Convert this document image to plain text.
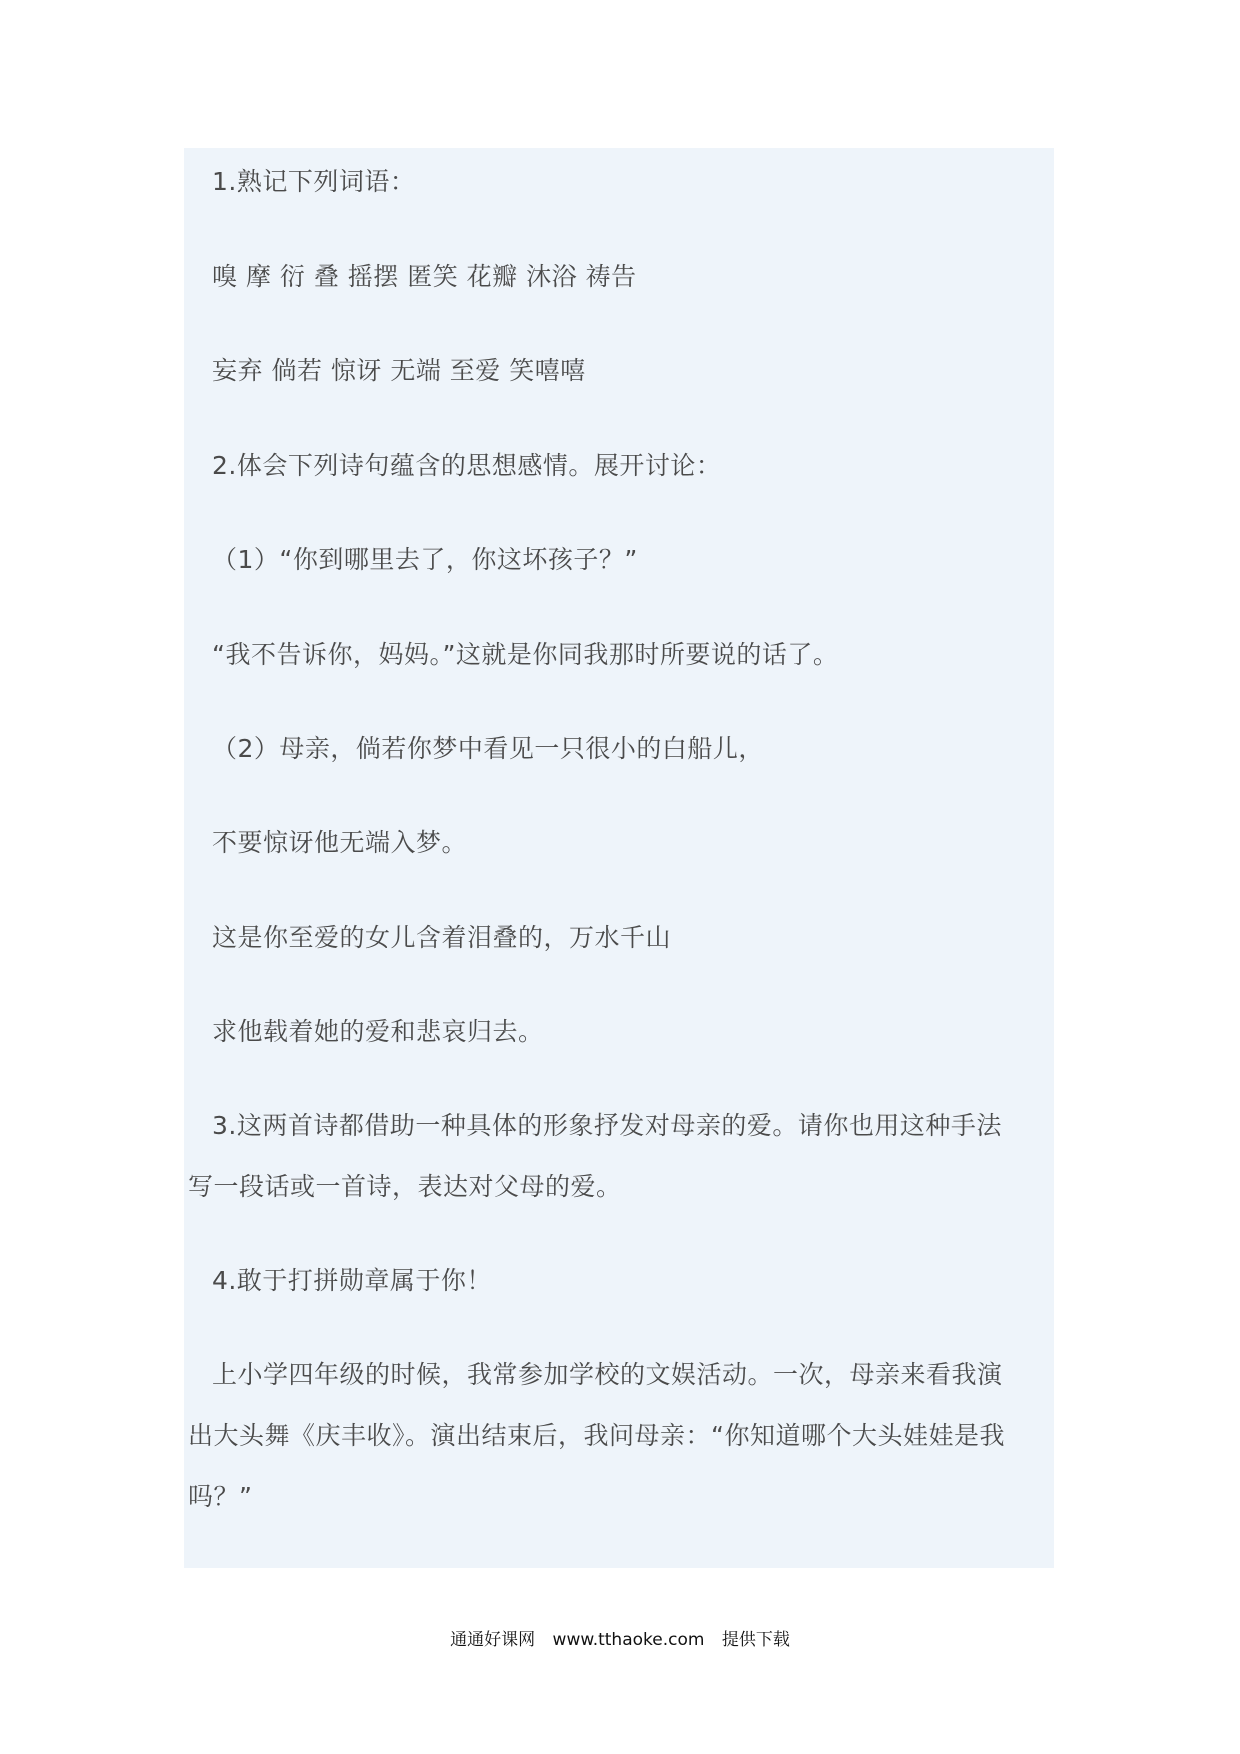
1.熟记下列词语：
嗅 摩 衍 叠 摇摆 匿笑 花瓣 沐浴 祷告
妄弃 倘若 惊讶 无端 至爱 笑嘻嘻
2.体会下列诗句蕴含的思想感情。展开讨论：
（1）“你到哪里去了，你这坏孩子？”
“我不告诉你，妈妈。”这就是你同我那时所要说的话了。
（2）母亲，倘若你梦中看见一只很小的白船儿，
不要惊讶他无端入梦。
这是你至爱的女儿含着泪叠的，万水千山
求他载着她的爱和悲哀归去。
3.这两首诗都借助一种具体的形象抒发对母亲的爱。请你也用这种手法
写一段话或一首诗，表达对父母的爱。
4.敢于打拼勋章属于你！
上小学四年级的时候，我常参加学校的文娱活动。一次，母亲来看我演
出大头舞《庆丰收》。演出结束后，我问母亲：“你知道哪个大头娃娃是我
吗？”
通通好课网 www.tthaoke.com 提供下载
